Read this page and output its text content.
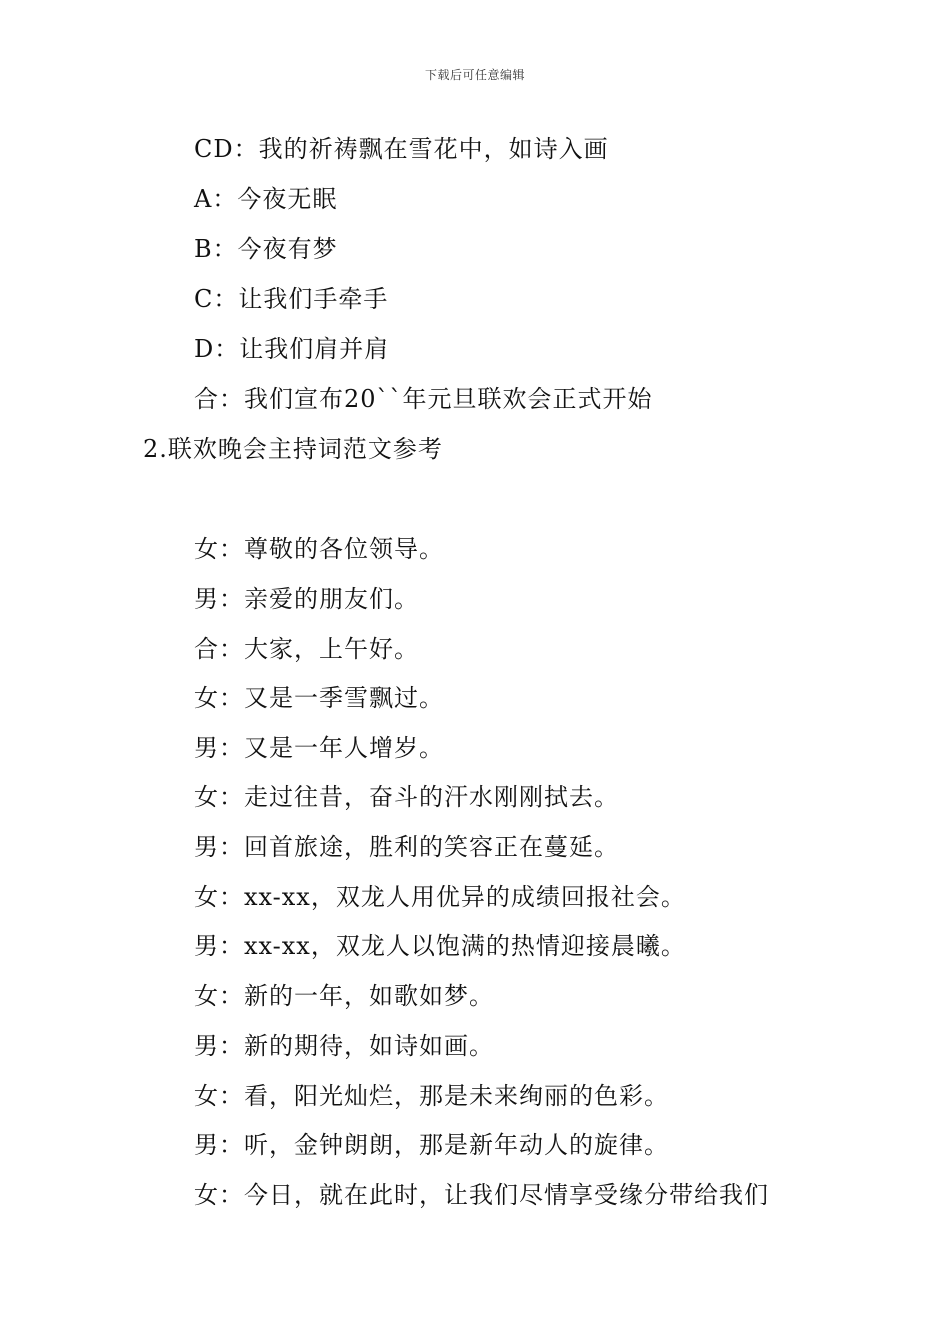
下载后可任意编辑
CD：我的祈祷飘在雪花中，如诗入画
A：今夜无眠
B：今夜有梦
C：让我们手牵手
D：让我们肩并肩
合：我们宣布20``年元旦联欢会正式开始
2.联欢晚会主持词范文参考
女：尊敬的各位领导。
男：亲爱的朋友们。
合：大家，上午好。
女：又是一季雪飘过。
男：又是一年人增岁。
女：走过往昔，奋斗的汗水刚刚拭去。
男：回首旅途，胜利的笑容正在蔓延。
女：xx-xx，双龙人用优异的成绩回报社会。
男：xx-xx，双龙人以饱满的热情迎接晨曦。
女：新的一年，如歌如梦。
男：新的期待，如诗如画。
女：看，阳光灿烂，那是未来绚丽的色彩。
男：听，金钟朗朗，那是新年动人的旋律。
女：今日，就在此时，让我们尽情享受缘分带给我们
